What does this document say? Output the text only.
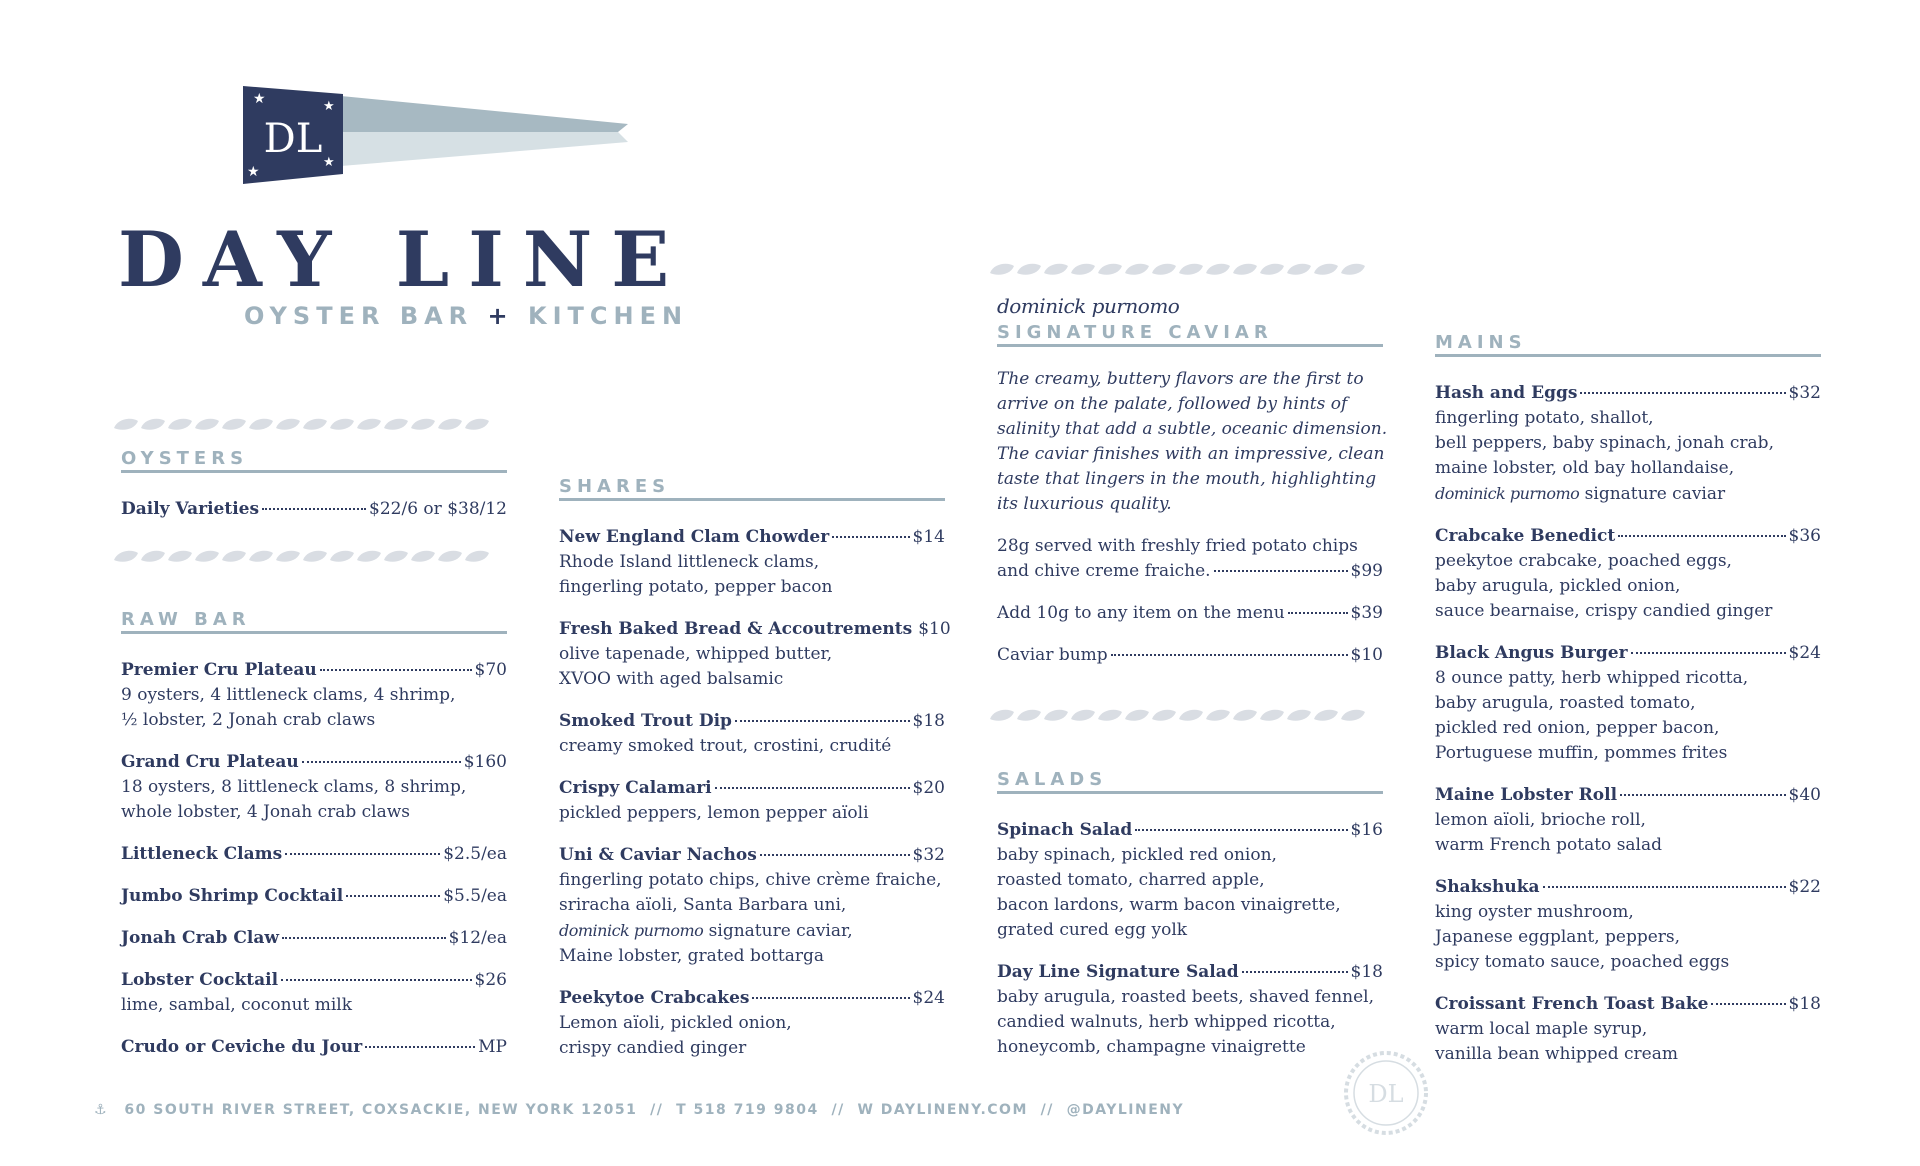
★	★
★
★
DL
DAY LINE
OYSTER BAR + KITCHEN
OYSTERS
Daily Varieties	$22/6 or $38/12
RAW BAR
Premier Cru Plateau	$70
9 oysters, 4 littleneck clams, 4 shrimp,
½ lobster, 2 Jonah crab claws
Grand Cru Plateau	$160
18 oysters, 8 littleneck clams, 8 shrimp,
whole lobster, 4 Jonah crab claws
Littleneck Clams	$2.5/ea
Jumbo Shrimp Cocktail	$5.5/ea
Jonah Crab Claw	$12/ea
Lobster Cocktail	$26
lime, sambal, coconut milk
Crudo or Ceviche du Jour	MP
SHARES
New England Clam Chowder	$14
Rhode Island littleneck clams,
fingerling potato, pepper bacon
Fresh Baked Bread & Accoutrements $10
olive tapenade, whipped butter,
XVOO with aged balsamic
Smoked Trout Dip	$18
creamy smoked trout, crostini, crudité
Crispy Calamari	$20
pickled peppers, lemon pepper aïoli
Uni & Caviar Nachos	$32
fingerling potato chips, chive crème fraiche,
sriracha aïoli, Santa Barbara uni,
dominick purnomo signature caviar,
Maine lobster, grated bottarga
Peekytoe Crabcakes	$24
Lemon aïoli, pickled onion,
crispy candied ginger
dominick purnomo
SIGNATURE CAVIAR
The creamy, buttery flavors are the first to
arrive on the palate, followed by hints of
salinity that add a subtle, oceanic dimension.
The caviar finishes with an impressive, clean
taste that lingers in the mouth, highlighting
its luxurious quality.
28g served with freshly fried potato chips
and chive creme fraiche.	$99
Add 10g to any item on the menu	$39
Caviar bump	$10
SALADS
Spinach Salad	$16
baby spinach, pickled red onion,
roasted tomato, charred apple,
bacon lardons, warm bacon vinaigrette,
grated cured egg yolk
Day Line Signature Salad	$18
baby arugula, roasted beets, shaved fennel,
candied walnuts, herb whipped ricotta,
honeycomb, champagne vinaigrette
MAINS
Hash and Eggs	$32
fingerling potato, shallot,
bell peppers, baby spinach, jonah crab,
maine lobster, old bay hollandaise,
dominick purnomo signature caviar
Crabcake Benedict	$36
peekytoe crabcake, poached eggs,
baby arugula, pickled onion,
sauce bearnaise, crispy candied ginger
Black Angus Burger	$24
8 ounce patty, herb whipped ricotta,
baby arugula, roasted tomato,
pickled red onion, pepper bacon,
Portuguese muffin, pommes frites
Maine Lobster Roll	$40
lemon aïoli, brioche roll,
warm French potato salad
Shakshuka	$22
king oyster mushroom,
Japanese eggplant, peppers,
spicy tomato sauce, poached eggs
Croissant French Toast Bake	$18
warm local maple syrup,
vanilla bean whipped cream
⚓ 60 SOUTH RIVER STREET, COXSACKIE, NEW YORK 12051 // T 518 719 9804 // W DAYLINENY.COM // @DAYLINENY
DL
